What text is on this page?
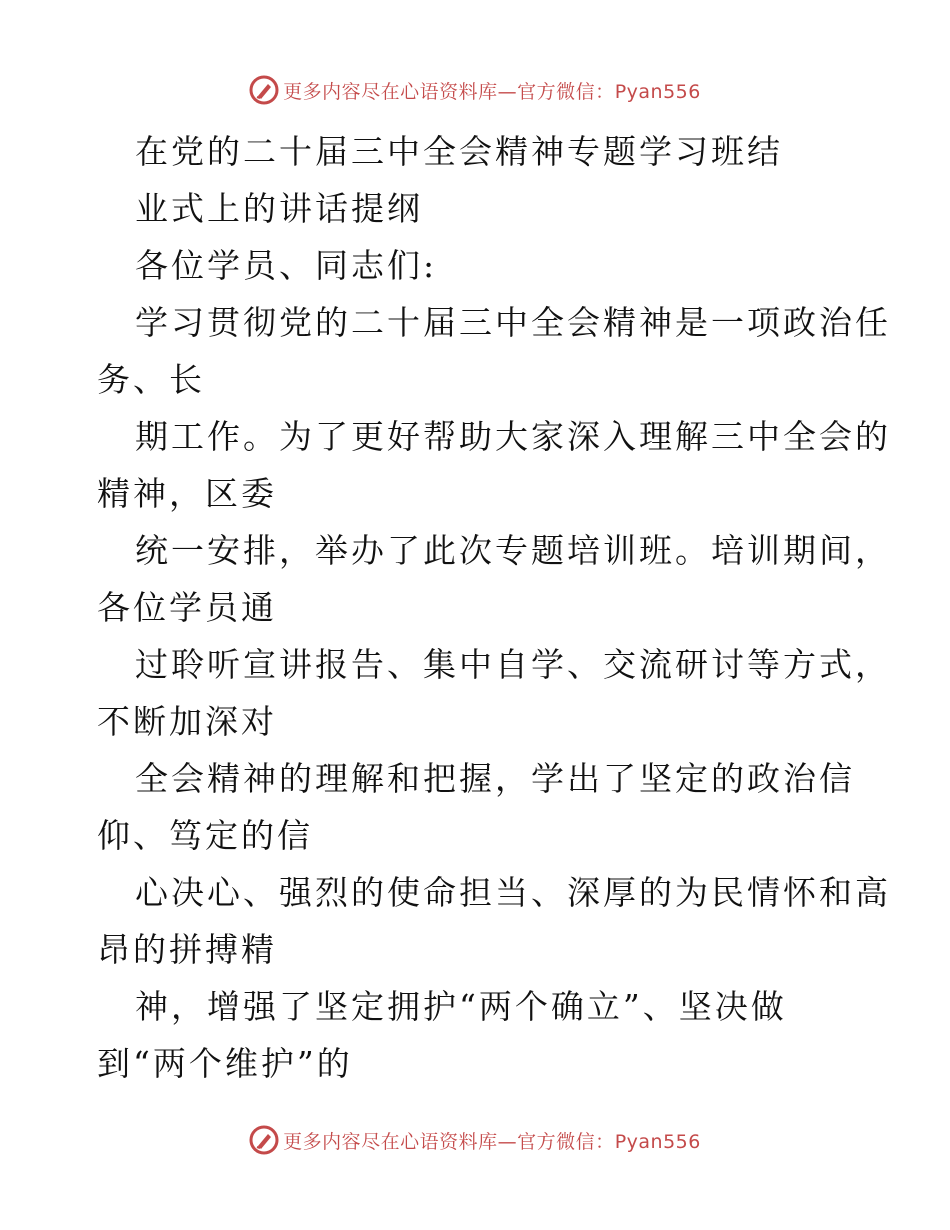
更多内容尽在心语资料库—官方微信：Pyan556

在党的二十届三中全会精神专题学习班结

业式上的讲话提纲

各位学员、同志们:

学习贯彻党的二十届三中全会精神是一项政治任

务、长

期工作。为了更好帮助大家深入理解三中全会的

精神，区委

统一安排，举办了此次专题培训班。培训期间，

各位学员通

过聆听宣讲报告、集中自学、交流研讨等方式，

不断加深对

全会精神的理解和把握，学出了坚定的政治信

仰、笃定的信

心决心、强烈的使命担当、深厚的为民情怀和高

昂的拼搏精

神，增强了坚定拥护“两个确立”、坚决做

到“两个维护”的

更多内容尽在心语资料库—官方微信：Pyan556
